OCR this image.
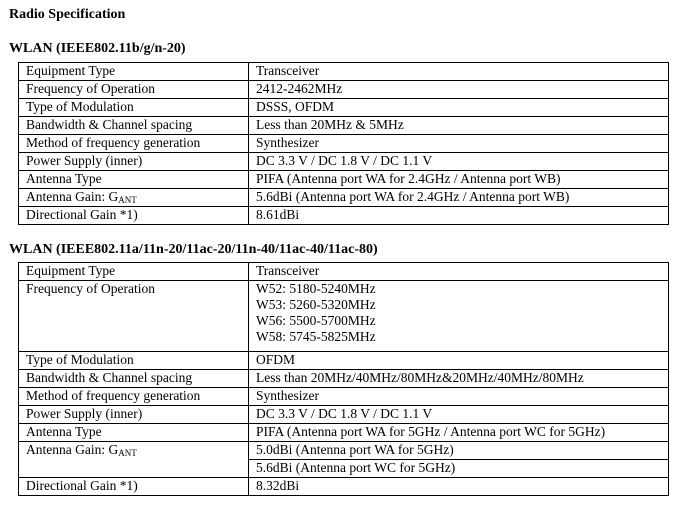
Radio Specification
WLAN (IEEE802.11b/g/n-20)
Equipment Type	Transceiver
Frequency of Operation	2412-2462MHz
Type of Modulation	DSSS, OFDM
Bandwidth & Channel spacing	Less than 20MHz & 5MHz
Method of frequency generation	Synthesizer
Power Supply (inner)	DC 3.3 V / DC 1.8 V / DC 1.1 V
Antenna Type	PIFA (Antenna port WA for 2.4GHz / Antenna port WB)
Antenna Gain: $G_{ANT}$	5.6dBi (Antenna port WA for 2.4GHz / Antenna port WB)
Directional Gain *1)	8.61dBi
WLAN (IEEE802.11a/11n-20/11ac-20/11n-40/11ac-40/11ac-80)
Equipment Type	Transceiver
Frequency of Operation	W52: 5180-5240MHz
W53: 5260-5320MHz
W56: 5500-5700MHz
W58: 5745-5825MHz

Type of Modulation	OFDM
Bandwidth & Channel spacing	Less than 20MHz/40MHz/80MHz&20MHz/40MHz/80MHz
Method of frequency generation	Synthesizer
Power Supply (inner)	DC 3.3 V / DC 1.8 V / DC 1.1 V
Antenna Type	PIFA (Antenna port WA for 5GHz / Antenna port WC for 5GHz)
Antenna Gain: $G_{ANT}$	5.0dBi (Antenna port WA for 5GHz)
	5.6dBi (Antenna port WC for 5GHz)
Directional Gain *1)	8.32dBi
